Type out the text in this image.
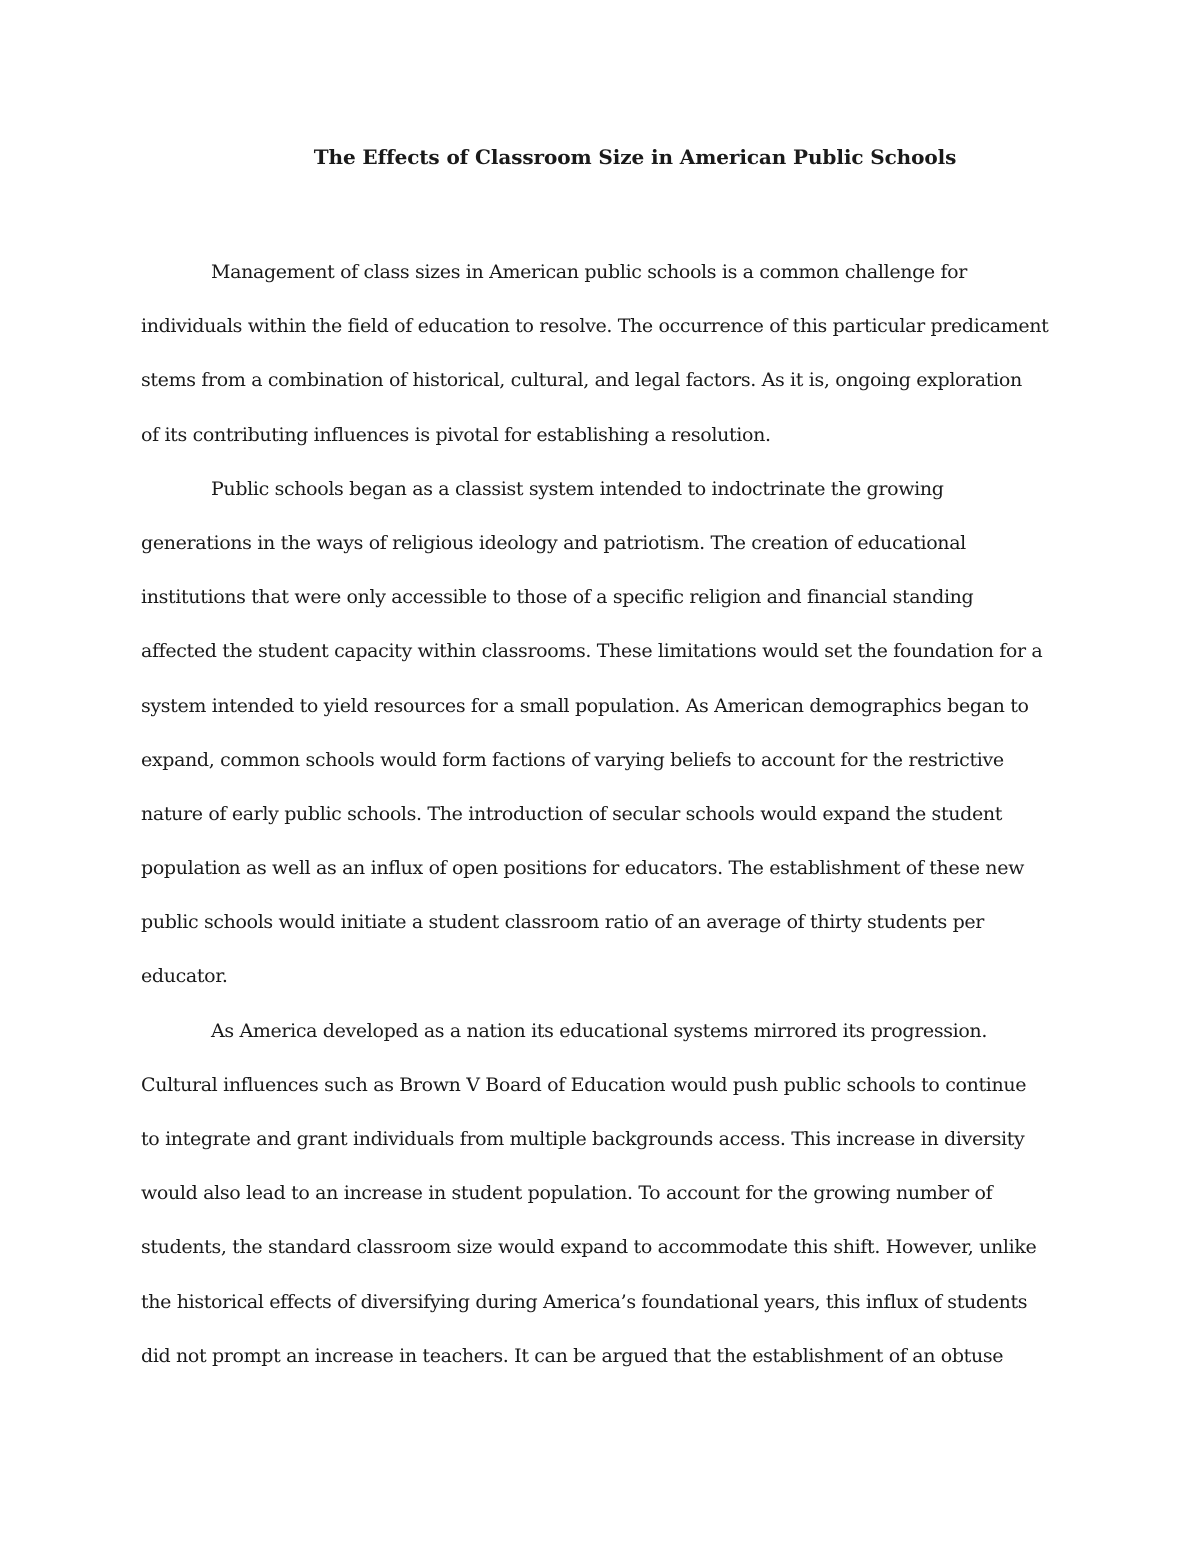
The Effects of Classroom Size in American Public Schools
Management of class sizes in American public schools is a common challenge for
individuals within the field of education to resolve. The occurrence of this particular predicament
stems from a combination of historical, cultural, and legal factors. As it is, ongoing exploration
of its contributing influences is pivotal for establishing a resolution.
Public schools began as a classist system intended to indoctrinate the growing
generations in the ways of religious ideology and patriotism. The creation of educational
institutions that were only accessible to those of a specific religion and financial standing
affected the student capacity within classrooms. These limitations would set the foundation for a
system intended to yield resources for a small population. As American demographics began to
expand, common schools would form factions of varying beliefs to account for the restrictive
nature of early public schools. The introduction of secular schools would expand the student
population as well as an influx of open positions for educators. The establishment of these new
public schools would initiate a student classroom ratio of an average of thirty students per
educator.
As America developed as a nation its educational systems mirrored its progression.
Cultural influences such as Brown V Board of Education would push public schools to continue
to integrate and grant individuals from multiple backgrounds access. This increase in diversity
would also lead to an increase in student population. To account for the growing number of
students, the standard classroom size would expand to accommodate this shift. However, unlike
the historical effects of diversifying during America’s foundational years, this influx of students
did not prompt an increase in teachers. It can be argued that the establishment of an obtuse
